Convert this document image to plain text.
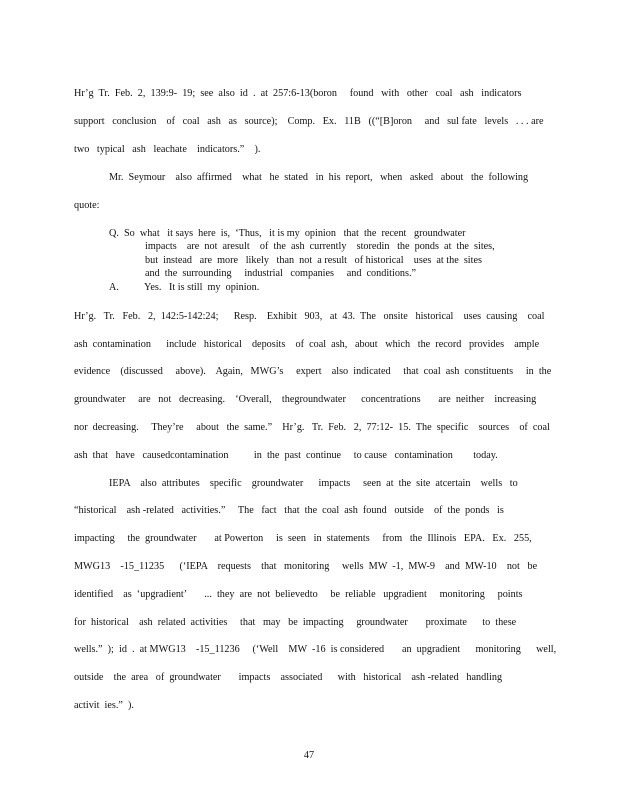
Hr’g  Tr.  Feb.  2,  139:9-  19;  see  also  id  .  at  257:6-13(boron     found   with   other   coal   ash   indicators
support   conclusion    of   coal   ash   as   source);    Comp.   Ex.   11B   ((“[B]oron     and   sul fate   levels   . . . are
two   typical   ash   leachate    indicators.”    ).
Mr.  Seymour    also  affirmed    what   he  stated   in  his  report,   when   asked   about   the  following
quote:
Q.  So  what   it says  here  is,  ‘Thus,   it is my  opinion   that  the  recent   groundwater
impacts    are  not  aresult    of  the  ash  currently    storedin   the  ponds  at  the  sites,
but  instead   are  more   likely   than  not  a result   of historical    uses  at the  sites
and  the  surrounding     industrial   companies     and  conditions.”
A.          Yes.   It is still  my  opinion.
Hr’g.   Tr.   Feb.   2,  142:5-142:24;      Resp.    Exhibit   903,   at  43.  The   onsite   historical    uses  causing    coal
ash  contamination      include   historical    deposits    of  coal  ash,   about   which   the  record   provides    ample
evidence    (discussed     above).    Again,   MWG’s     expert    also  indicated     that  coal  ash  constituents     in  the
groundwater     are   not   decreasing.    ‘Overall,    thegroundwater      concentrations       are  neither    increasing
nor  decreasing.     They’re     about   the  same.”    Hr’g.   Tr.  Feb.   2,  77:12-  15.  The  specific    sources    of  coal
ash  that   have   causedcontamination          in  the  past  continue     to cause   contamination        today.
IEPA    also  attributes    specific    groundwater      impacts     seen  at  the  site  atcertain    wells   to
“historical    ash -related   activities.”     The   fact   that  the  coal  ash  found   outside    of  the  ponds   is
impacting     the  groundwater       at Powerton     is  seen   in  statements     from   the  Illinois   EPA.   Ex.   255,
MWG13    -15_11235      (‘IEPA    requests    that   monitoring     wells  MW  -1,  MW-9    and  MW-10    not   be
identified    as  ‘upgradient’       ...  they  are  not  believedto     be  reliable   upgradient     monitoring     points
for  historical    ash  related  activities     that   may   be  impacting     groundwater       proximate      to  these
wells.”  );  id  .  at MWG13    -15_11236     (‘Well    MW  -16  is considered       an  upgradient      monitoring      well,
outside    the  area   of  groundwater       impacts    associated      with   historical    ash -related   handling
activit  ies.”  ).
47
